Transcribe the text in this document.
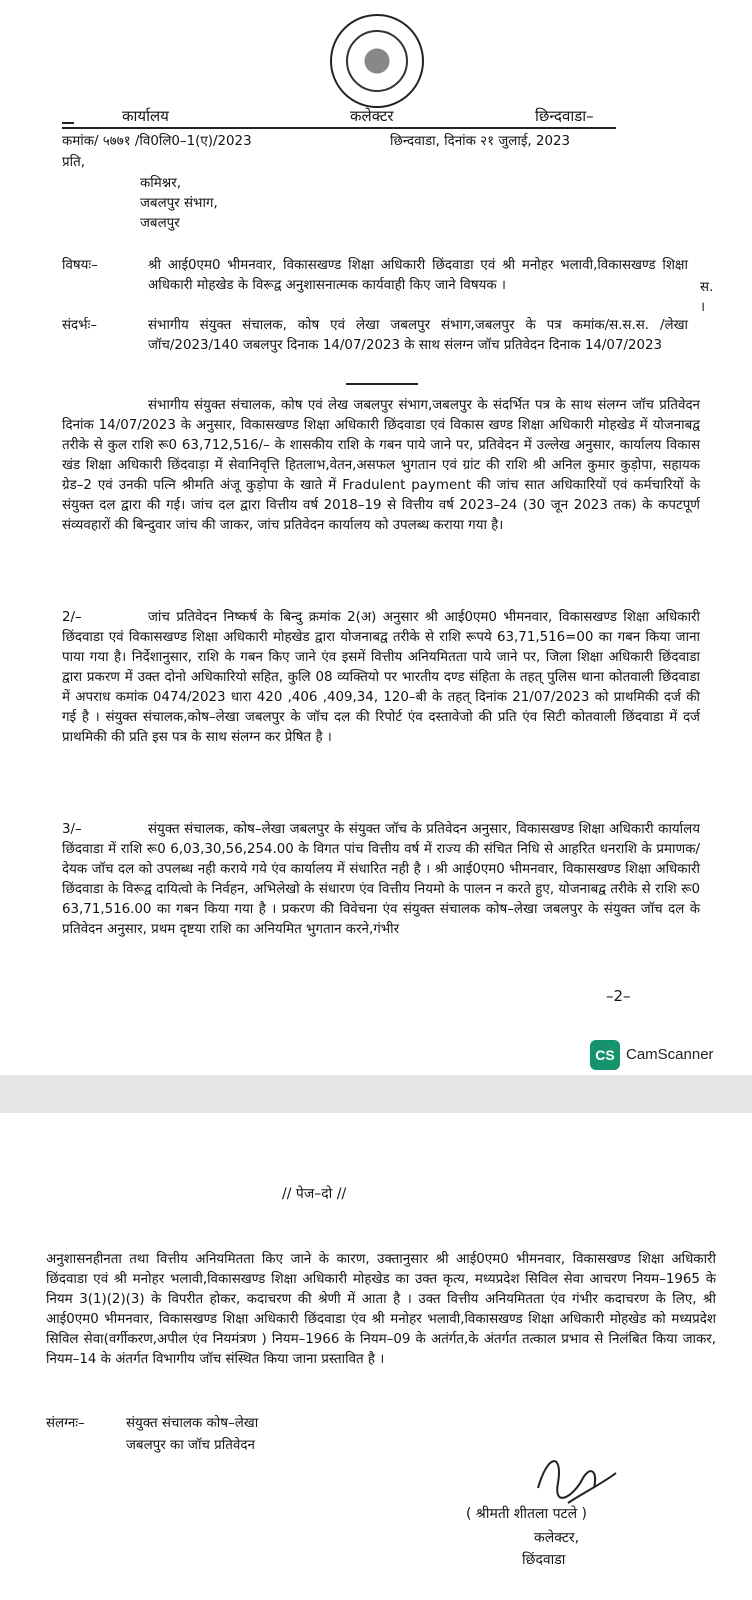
कार्यालय	कलेक्टर	छिन्दवाडा–
कमांक/ ५७७१ /वि0लि0–1(ए)/2023	छिन्दवाडा, दिनांक २१ जुलाई, 2023
प्रति,
कमिश्नर,
जबलपुर संभाग,
जबलपुर
विषयः–	श्री आई0एम0 भीमनवार, विकासखण्ड शिक्षा अधिकारी छिंदवाडा एवं श्री मनोहर भलावी,विकासखण्ड शिक्षा अधिकारी मोहखेड के विरूद्व अनुशासनात्मक कार्यवाही किए जाने विषयक ।	स. ।
संदर्भः–	संभागीय संयुक्त संचालक, कोष एवं लेखा जबलपुर संभाग,जबलपुर के पत्र कमांक/स.स.स. /लेखा जॉच/2023/140 जबलपुर दिनाक 14/07/2023 के साथ संलग्न जॉच प्रतिवेदन दिनाक 14/07/2023
संभागीय संयुक्त संचालक, कोष एवं लेख जबलपुर संभाग,जबलपुर के संदर्भित पत्र के साथ संलग्न जॉच प्रतिवेदन दिनांक 14/07/2023 के अनुसार, विकासखण्ड शिक्षा अधिकारी छिंदवाडा एवं विकास खण्ड शिक्षा अधिकारी मोहखेड में योजनाबद्व तरीके से कुल राशि रू0 63,712,516/– के शासकीय राशि के गबन पाये जाने पर, प्रतिवेदन में उल्लेख अनुसार, कार्यालय विकास खंड शिक्षा अधिकारी छिंदवाड़ा में सेवानिवृत्ति हितलाभ,वेतन,असफल भुगतान एवं ग्रांट की राशि श्री अनिल कुमार कुड़ोपा, सहायक ग्रेड–2 एवं उनकी पत्नि श्रीमति अंजू कुड़ोपा के खाते में Fradulent payment की जांच सात अधिकारियों एवं कर्मचारियों के संयुक्त दल द्वारा की गई। जांच दल द्वारा वित्तीय वर्ष 2018–19 से वित्तीय वर्ष 2023–24 (30 जून 2023 तक) के कपटपूर्ण संव्यवहारों की बिन्दुवार जांच की जाकर, जांच प्रतिवेदन कार्यालय को उपलब्ध कराया गया है।
2/–	जांच प्रतिवेदन निष्कर्ष के बिन्दु क्रमांक 2(अ) अनुसार श्री आई0एम0 भीमनवार, विकासखण्ड शिक्षा अधिकारी छिंदवाडा एवं विकासखण्ड शिक्षा अधिकारी मोहखेड द्वारा योजनाबद्व तरीके से राशि रूपये 63,71,516=00 का गबन किया जाना पाया गया है। निर्देशानुसार, राशि के गबन किए जाने एंव इसमें वित्तीय अनियमितता पाये जाने पर, जिला शिक्षा अधिकारी छिंदवाडा द्वारा प्रकरण में उक्त दोनो अधिकारियो सहित, कुलि 08 व्यक्तियो पर भारतीय दण्ड संहिता के तहत् पुलिस थाना कोतवाली छिंदवाडा में अपराध कमांक 0474/2023 धारा 420 ,406 ,409,34, 120–बी के तहत् दिनांक 21/07/2023 को प्राथमिकी दर्ज की गई है । संयुक्त संचालक,कोष–लेखा जबलपुर के जॉच दल की रिपोर्ट एंव दस्तावेजो की प्रति एंव सिटी कोतवाली छिंदवाडा में दर्ज प्राथमिकी की प्रति इस पत्र के साथ संलग्न कर प्रेषित है ।
3/–	संयुक्त संचालक, कोष–लेखा जबलपुर के संयुक्त जॉच के प्रतिवेदन अनुसार, विकासखण्ड शिक्षा अधिकारी कार्यालय छिंदवाडा में राशि रू0 6,03,30,56,254.00 के विगत पांच वित्तीय वर्ष में राज्य की संचित निधि से आहरित धनराशि के प्रमाणक/देयक जॉच दल को उपलब्ध नही कराये गये एंव कार्यालय में संधारित नही है । श्री आई0एम0 भीमनवार, विकासखण्ड शिक्षा अधिकारी छिंदवाडा के विरूद्व दायित्वो के निर्वहन, अभिलेखो के संधारण एंव वित्तीय नियमो के पालन न करते हुए, योजनाबद्व तरीके से राशि रू0 63,71,516.00 का गबन किया गया है । प्रकरण की विवेचना एंव संयुक्त संचालक कोष–लेखा जबलपुर के संयुक्त जॉच दल के प्रतिवेदन अनुसार, प्रथम दृष्टया राशि का अनियमित भुगतान करने,गंभीर
–2–
CS CamScanner
// पेज–दो //
अनुशासनहीनता तथा वित्तीय अनियमितता किए जाने के कारण, उक्तानुसार श्री आई0एम0 भीमनवार, विकासखण्ड शिक्षा अधिकारी छिंदवाडा एवं श्री मनोहर भलावी,विकासखण्ड शिक्षा अधिकारी मोहखेड का उक्त कृत्य, मध्यप्रदेश सिविल सेवा आचरण नियम–1965 के नियम 3(1)(2)(3) के विपरीत होकर, कदाचरण की श्रेणी में आता है । उक्त वित्तीय अनियमितता एंव गंभीर कदाचरण के लिए, श्री आई0एम0 भीमनवार, विकासखण्ड शिक्षा अधिकारी छिंदवाडा एंव श्री मनोहर भलावी,विकासखण्ड शिक्षा अधिकारी मोहखेड को मध्यप्रदेश सिविल सेवा(वर्गीकरण,अपील एंव नियमंत्रण ) नियम–1966 के नियम–09 के अतंर्गत,के अंतर्गत तत्काल प्रभाव से निलंबित किया जाकर, नियम–14 के अंतर्गत विभागीय जॉच संस्थित किया जाना प्रस्तावित है ।
संलग्नः–	संयुक्त संचालक कोष–लेखा
जबलपुर का जॉच प्रतिवेदन
( श्रीमती शीतला पटले )
कलेक्टर,
छिंदवाडा
